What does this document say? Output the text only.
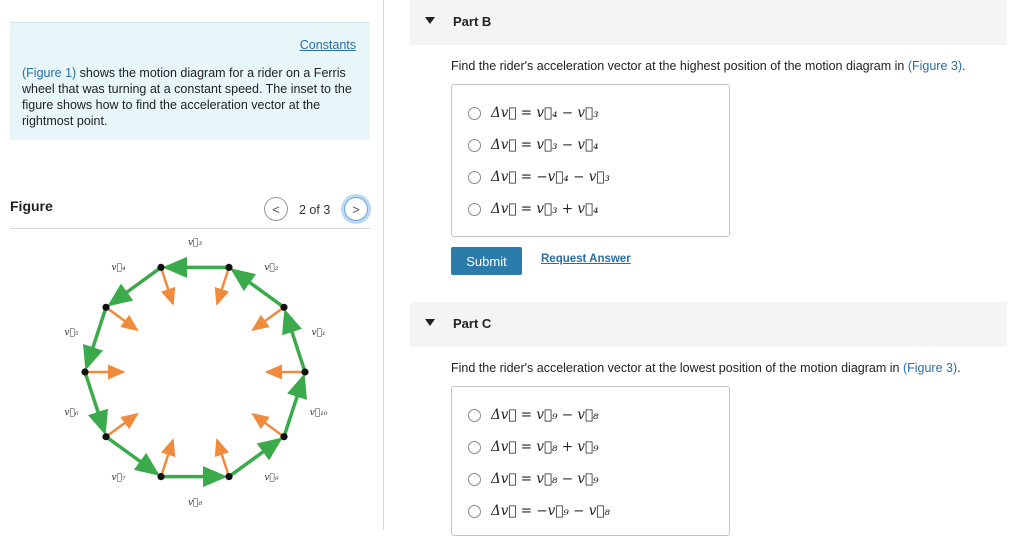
Constants
(Figure 1) shows the motion diagram for a rider on a Ferris wheel that was turning at a constant speed. The inset to the figure shows how to find the acceleration vector at the rightmost point.
Figure	< 2 of 3 >
v⃗₁
v⃗₂
v⃗₃
v⃗₄
v⃗₅
v⃗₆
v⃗₇
v⃗₈
v⃗₉
v⃗₁₀
Part B
Find the rider's acceleration vector at the highest position of the motion diagram in (Figure 3).
Δv⃗ = v⃗₄ − v⃗₃
Δv⃗ = v⃗₃ − v⃗₄
Δv⃗ = −v⃗₄ − v⃗₃
Δv⃗ = v⃗₃ + v⃗₄
Submit	Request Answer
Part C
Find the rider's acceleration vector at the lowest position of the motion diagram in (Figure 3).
Δv⃗ = v⃗₉ − v⃗₈
Δv⃗ = v⃗₈ + v⃗₉
Δv⃗ = v⃗₈ − v⃗₉
Δv⃗ = −v⃗₉ − v⃗₈
